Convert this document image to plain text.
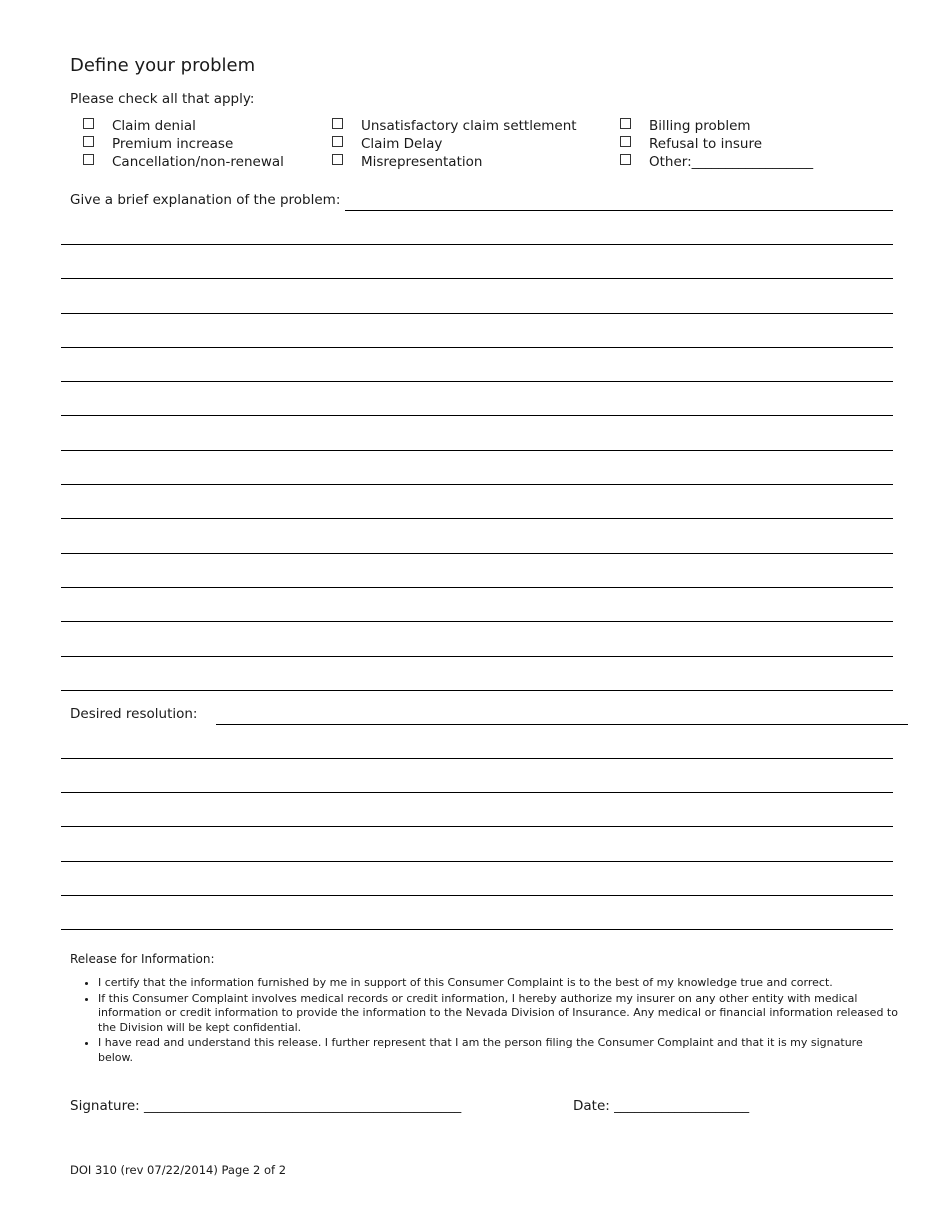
Define your problem
Please check all that apply:
Claim denial
Premium increase
Cancellation/non-renewal
Unsatisfactory claim settlement
Claim Delay
Misrepresentation
Billing problem
Refusal to insure
Other:__________________
Give a brief explanation of the problem:
Desired resolution:
Release for Information:
• I certify that the information furnished by me in support of this Consumer Complaint is to the best of my knowledge true and correct.
• If this Consumer Complaint involves medical records or credit information, I hereby authorize my insurer on any other entity with medical information or credit information to provide the information to the Nevada Division of Insurance. Any medical or financial information released to the Division will be kept confidential.
• I have read and understand this release. I further represent that I am the person filing the Consumer Complaint and that it is my signature below.
Signature: _______________________________________________	Date: ____________________
DOI 310 (rev 07/22/2014) Page 2 of 2
